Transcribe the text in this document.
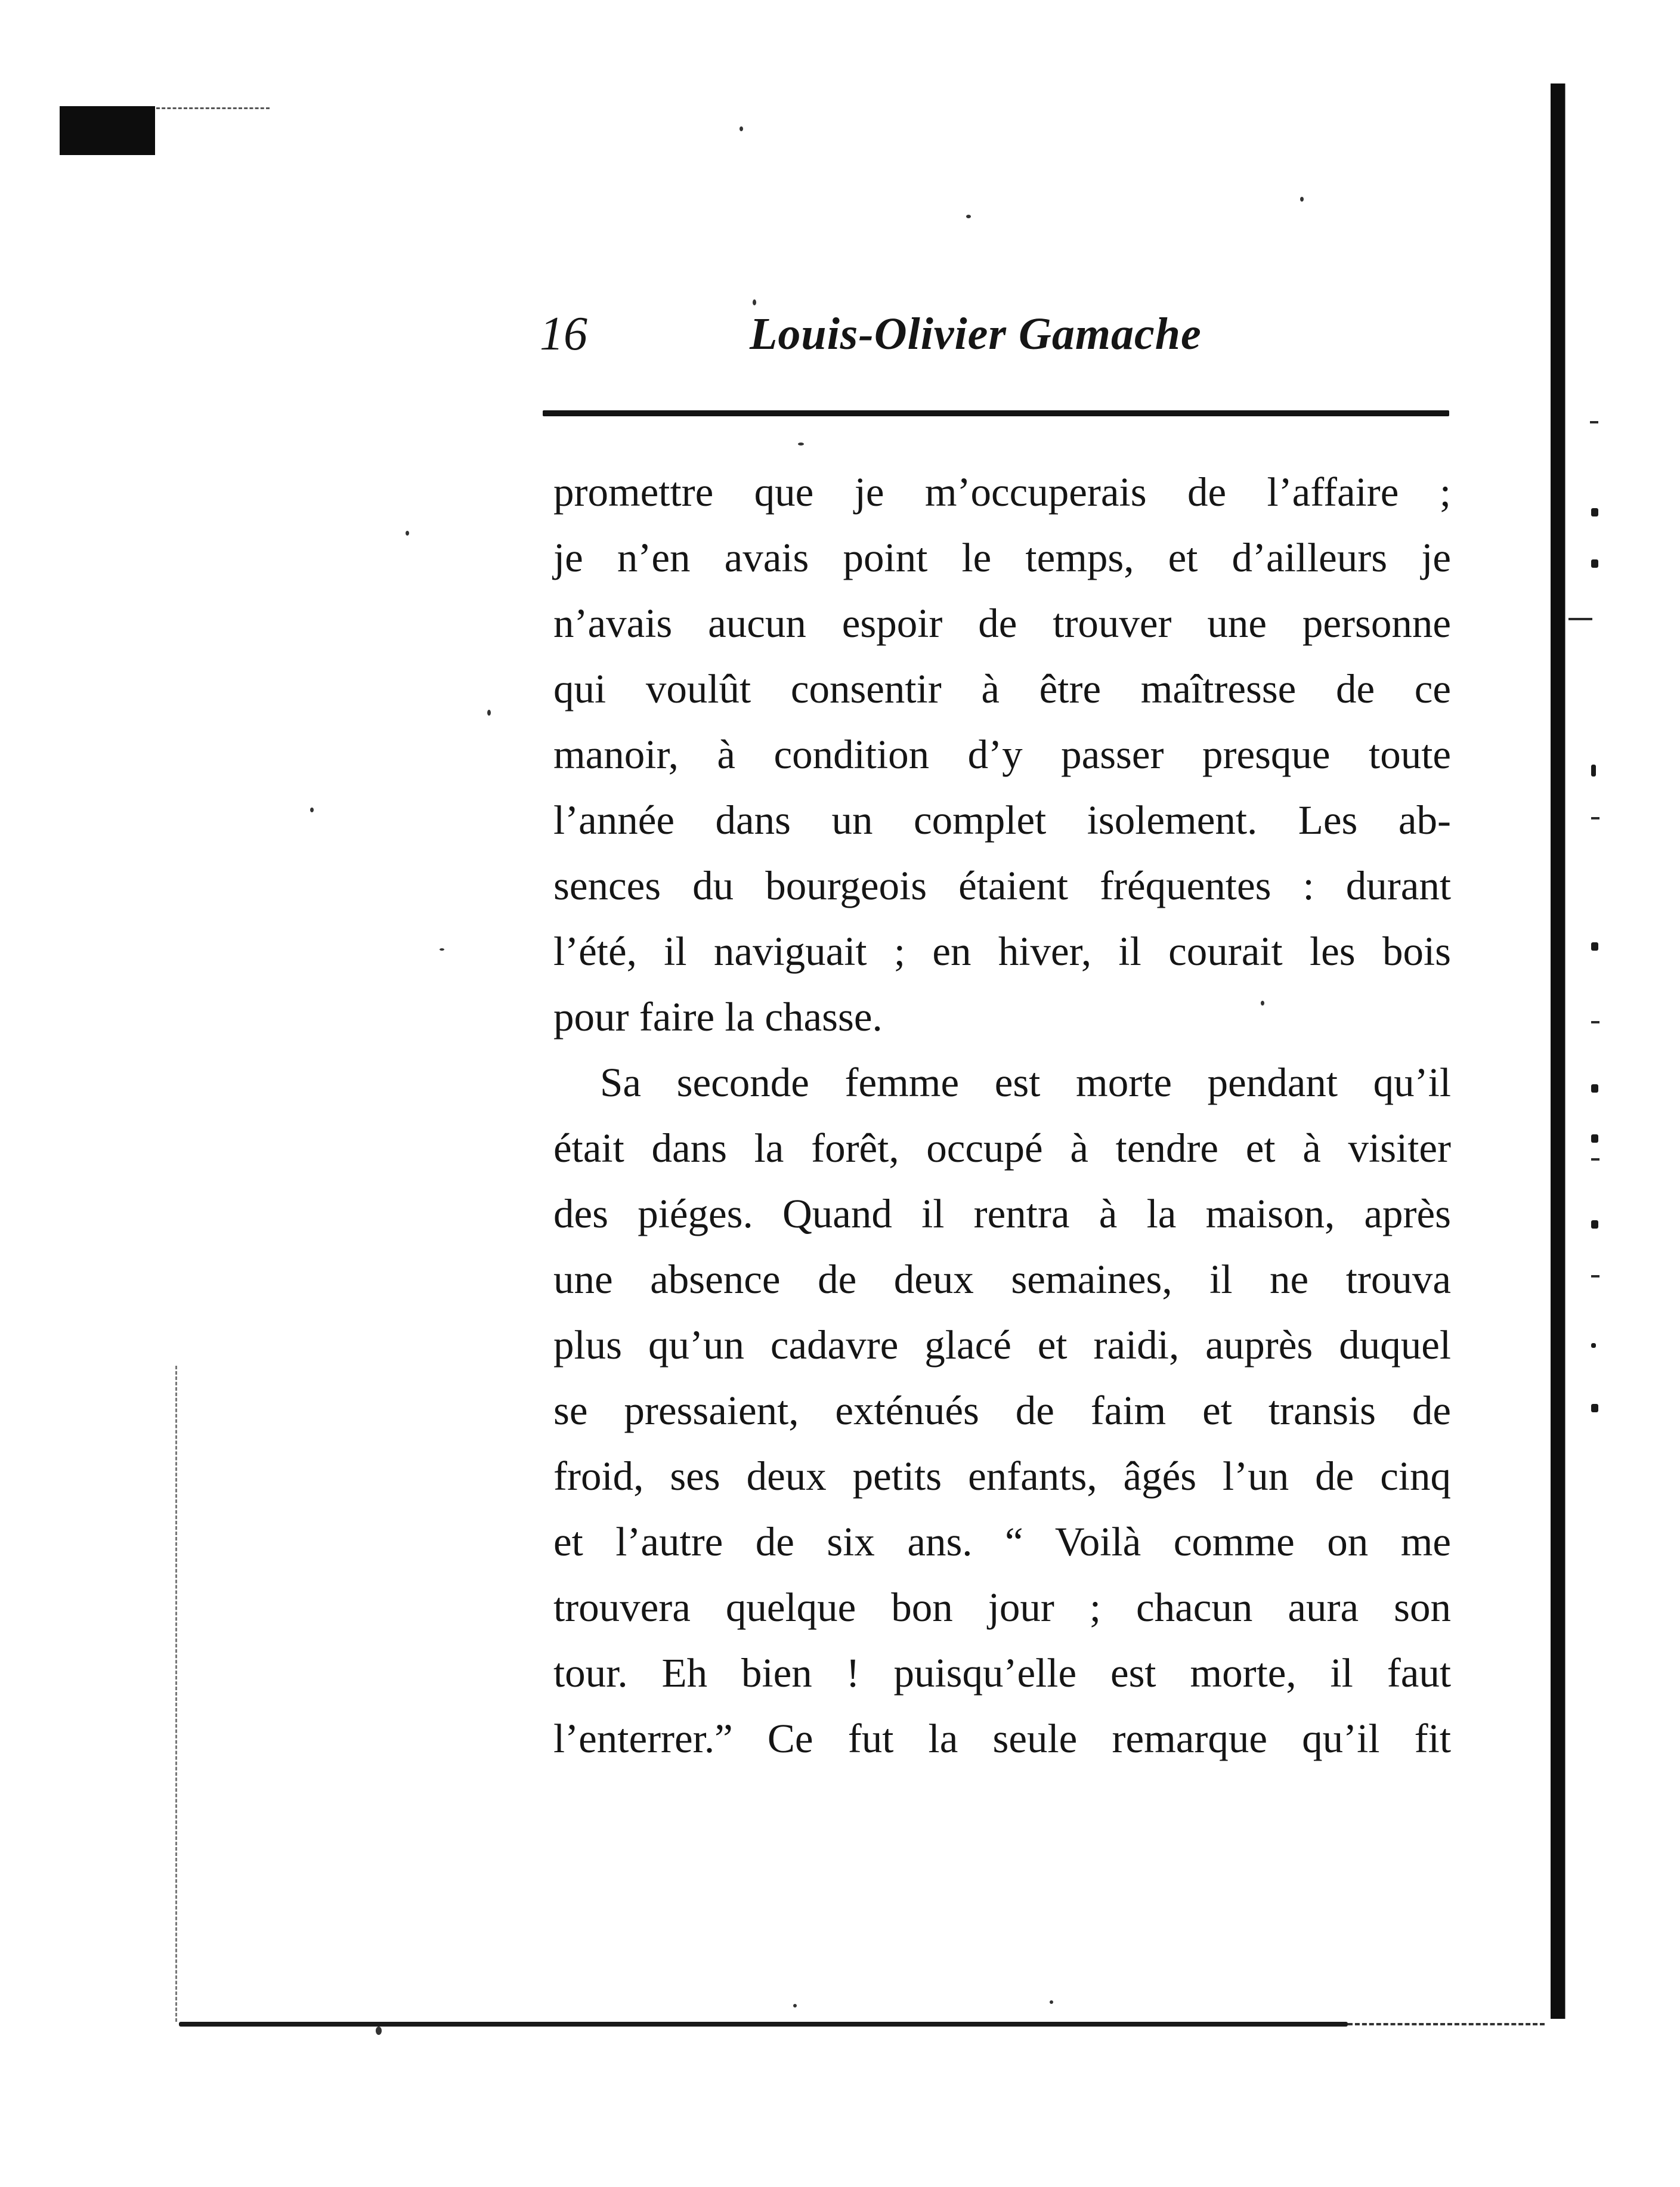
16	Louis-Olivier Gamache
promettre que je m’occuperais de l’affaire ;
je n’en avais point le temps, et d’ailleurs je
n’avais aucun espoir de trouver une personne
qui voulût consentir à être maîtresse de ce
manoir, à condition d’y passer presque toute
l’année dans un complet isolement. Les ab-
sences du bourgeois étaient fréquentes : durant
l’été, il naviguait ; en hiver, il courait les bois
pour faire la chasse.
Sa seconde femme est morte pendant qu’il
était dans la forêt, occupé à tendre et à visiter
des piéges. Quand il rentra à la maison, après
une absence de deux semaines, il ne trouva
plus qu’un cadavre glacé et raidi, auprès duquel
se pressaient, exténués de faim et transis de
froid, ses deux petits enfants, âgés l’un de cinq
et l’autre de six ans. “ Voilà comme on me
trouvera quelque bon jour ; chacun aura son
tour. Eh bien ! puisqu’elle est morte, il faut
l’enterrer.” Ce fut la seule remarque qu’il fit
